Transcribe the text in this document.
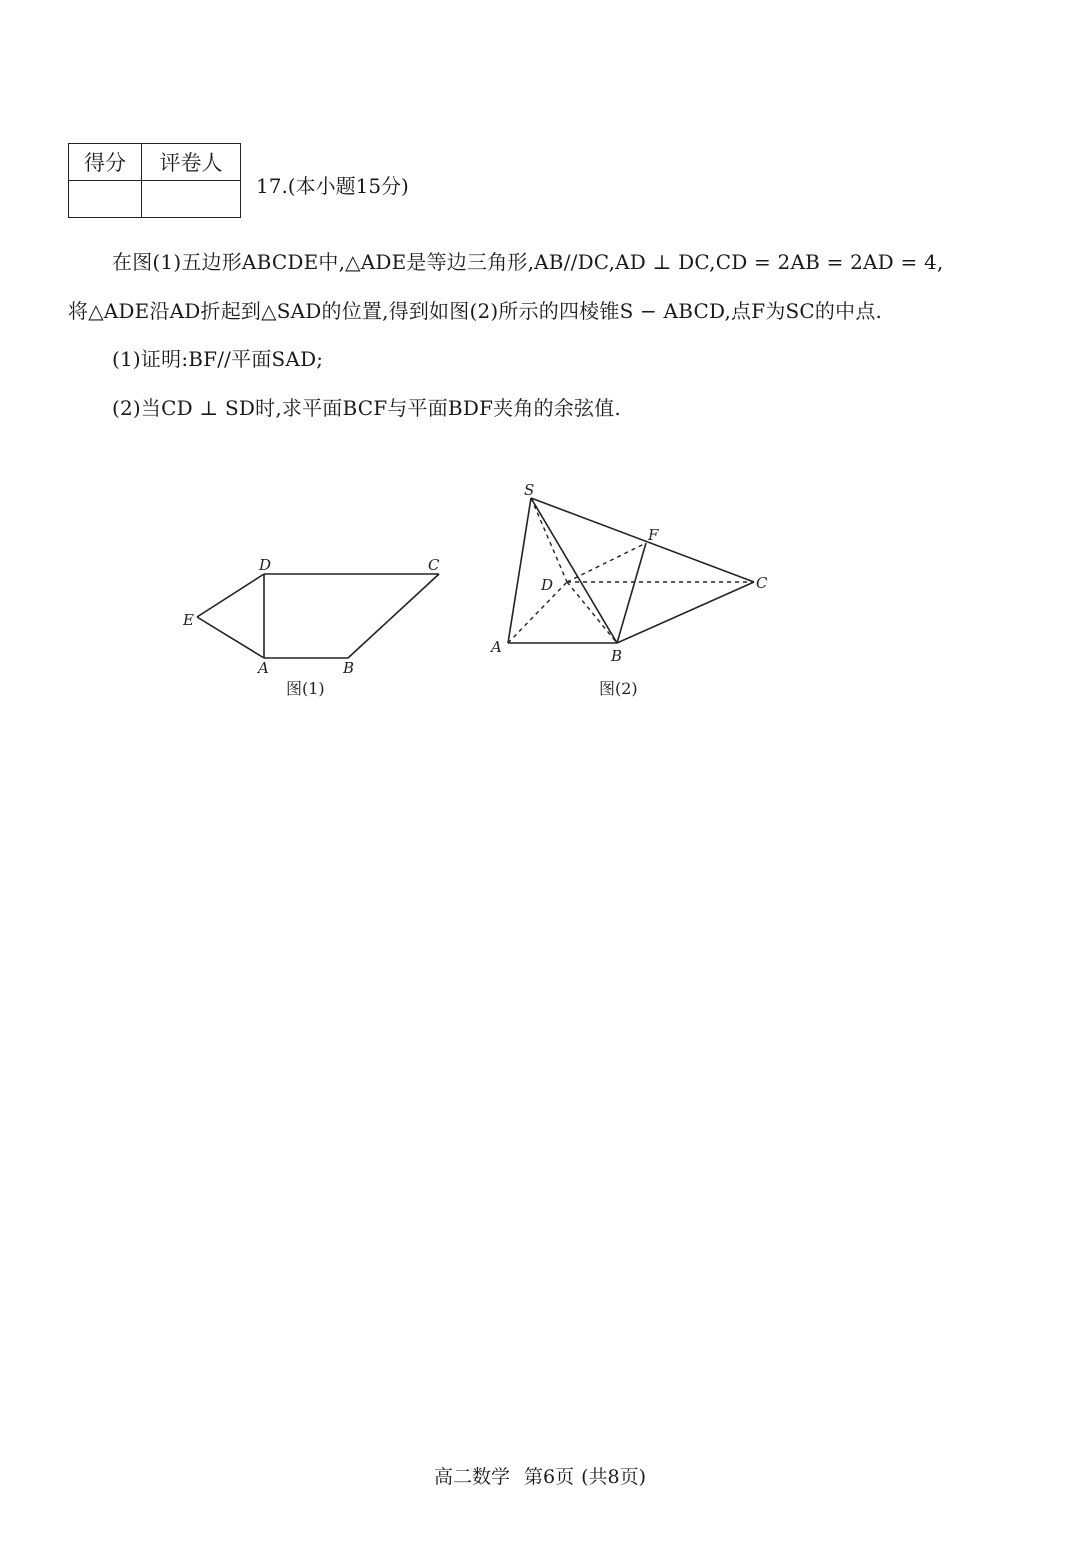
得分	评卷人

17.(本小题15分)
在图(1)五边形ABCDE中,△ADE是等边三角形,AB//DC,AD ⊥ DC,CD = 2AB = 2AD = 4,
将△ADE沿AD折起到△SAD的位置,得到如图(2)所示的四棱锥S − ABCD,点F为SC的中点.
(1)证明:BF//平面SAD;
(2)当CD ⊥ SD时,求平面BCF与平面BDF夹角的余弦值.
D	C
E
A	B
图(1)
S
F
D	C
A	B
图(2)
高二数学 第6页 (共8页)
